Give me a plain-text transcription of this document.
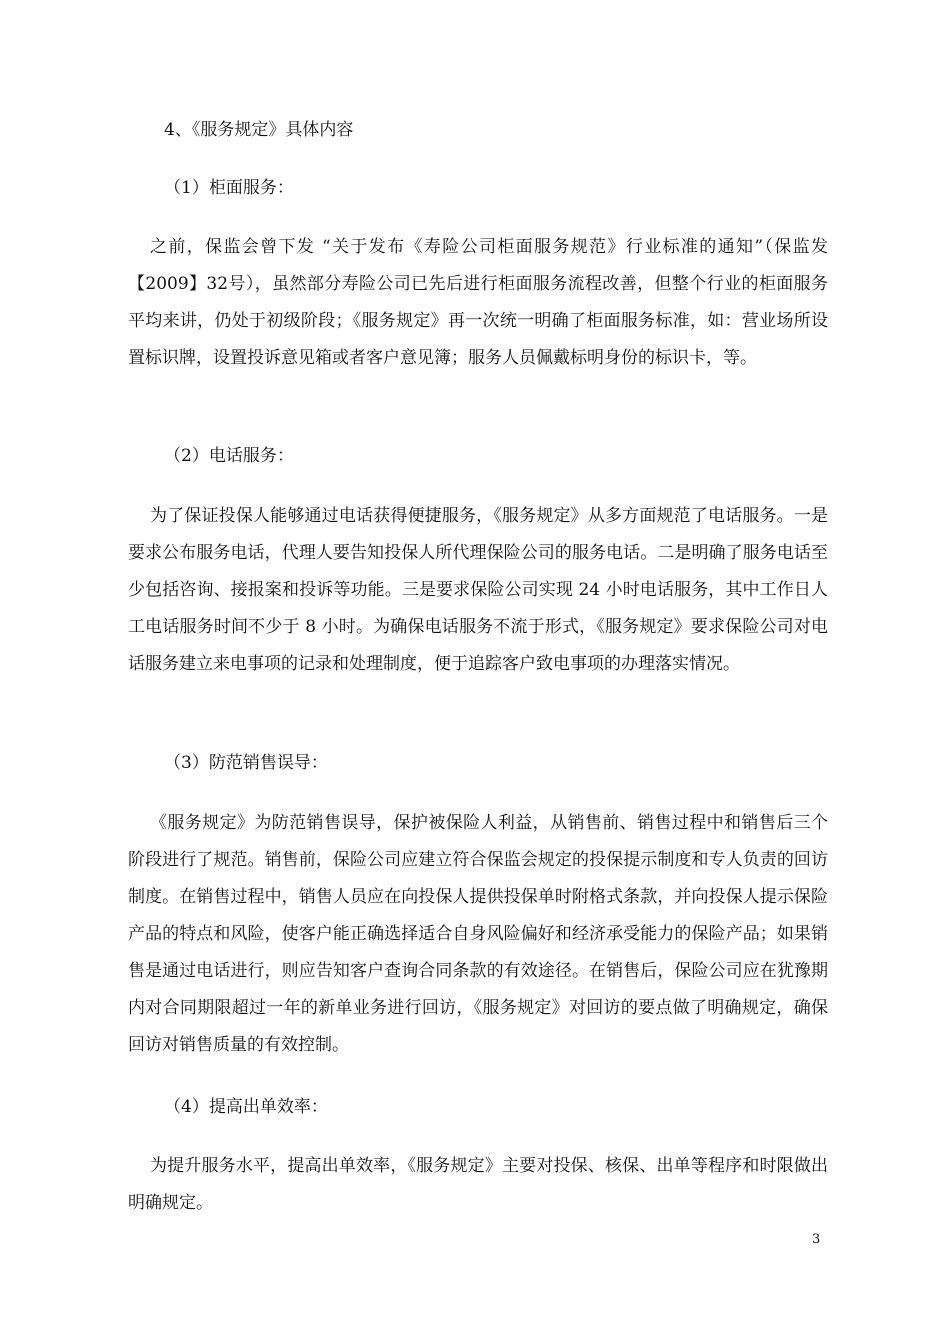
4、《服务规定》具体内容

（1）柜面服务：

之前，保监会曾下发 “关于发布《寿险公司柜面服务规范》行业标准的通知”（保监发【2009】32号），虽然部分寿险公司已先后进行柜面服务流程改善，但整个行业的柜面服务平均来讲，仍处于初级阶段；《服务规定》再一次统一明确了柜面服务标准，如：营业场所设置标识牌，设置投诉意见箱或者客户意见簿；服务人员佩戴标明身份的标识卡，等。

（2）电话服务：

为了保证投保人能够通过电话获得便捷服务，《服务规定》从多方面规范了电话服务。一是要求公布服务电话，代理人要告知投保人所代理保险公司的服务电话。二是明确了服务电话至少包括咨询、接报案和投诉等功能。三是要求保险公司实现 24 小时电话服务，其中工作日人工电话服务时间不少于 8 小时。为确保电话服务不流于形式，《服务规定》要求保险公司对电话服务建立来电事项的记录和处理制度，便于追踪客户致电事项的办理落实情况。

（3）防范销售误导：

《服务规定》为防范销售误导，保护被保险人利益，从销售前、销售过程中和销售后三个阶段进行了规范。销售前，保险公司应建立符合保监会规定的投保提示制度和专人负责的回访制度。在销售过程中，销售人员应在向投保人提供投保单时附格式条款，并向投保人提示保险产品的特点和风险，使客户能正确选择适合自身风险偏好和经济承受能力的保险产品；如果销售是通过电话进行，则应告知客户查询合同条款的有效途径。在销售后，保险公司应在犹豫期内对合同期限超过一年的新单业务进行回访，《服务规定》对回访的要点做了明确规定，确保回访对销售质量的有效控制。

（4）提高出单效率：

为提升服务水平，提高出单效率，《服务规定》主要对投保、核保、出单等程序和时限做出明确规定。

3
